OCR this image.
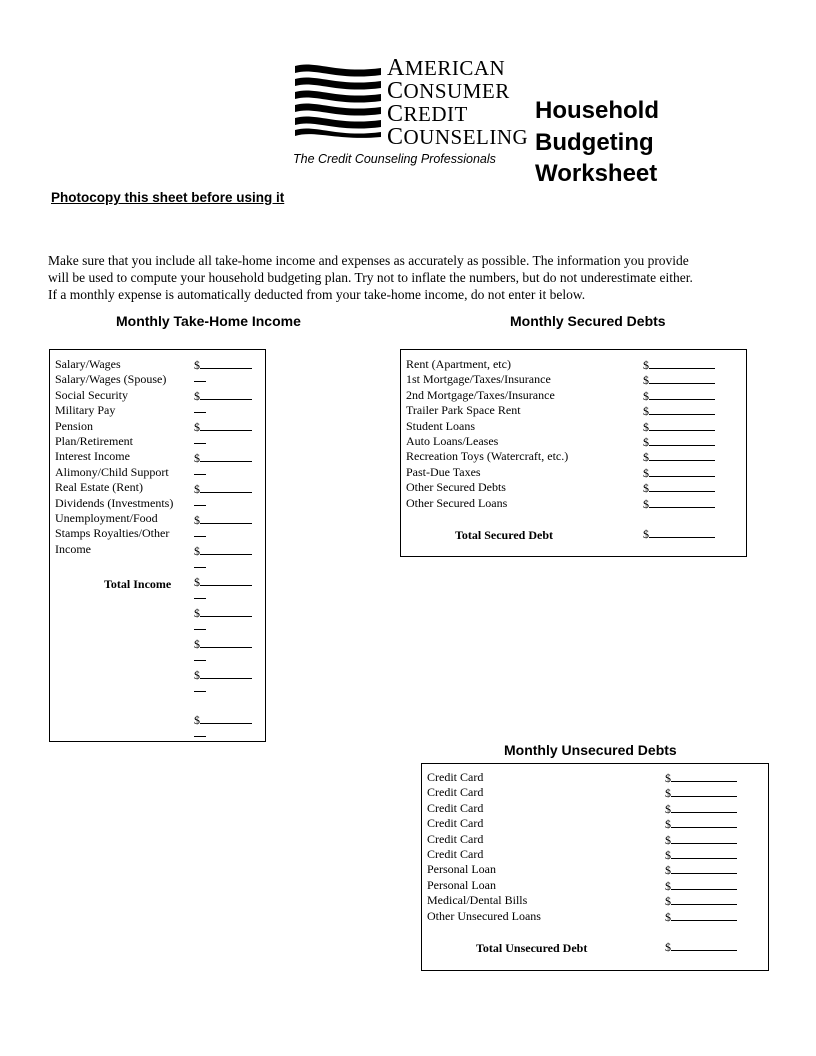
AMERICAN
CONSUMER
CREDIT
COUNSELING
The Credit Counseling Professionals
Household
Budgeting
Worksheet
Photocopy this sheet before using it

Make sure that you include all take-home income and expenses as accurately as possible. The information you provide

will be used to compute your household budgeting plan. Try not to inflate the numbers, but do not underestimate either.

If a monthly expense is automatically deducted from your take-home income, do not enter it below.

Monthly Take-Home Income
Salary/Wages
Salary/Wages (Spouse)
Social Security
Military Pay
Pension
Plan/Retirement
Interest Income
Alimony/Child Support
Real Estate (Rent)
Dividends (Investments)
Unemployment/Food
Stamps Royalties/Other
Income
$
$
$
$
$
$
$
$
$
$
$
$
Total Income
Monthly Secured Debts
Rent (Apartment, etc)
1st Mortgage/Taxes/Insurance
2nd Mortgage/Taxes/Insurance
Trailer Park Space Rent
Student Loans
Auto Loans/Leases
Recreation Toys (Watercraft, etc.)
Past-Due Taxes
Other Secured Debts
Other Secured Loans
$
$
$
$
$
$
$
$
$
$
$
Total Secured Debt
Monthly Unsecured Debts
Credit Card
Credit Card
Credit Card
Credit Card
Credit Card
Credit Card
Personal Loan
Personal Loan
Medical/Dental Bills
Other Unsecured Loans
$
$
$
$
$
$
$
$
$
$
$
Total Unsecured Debt
